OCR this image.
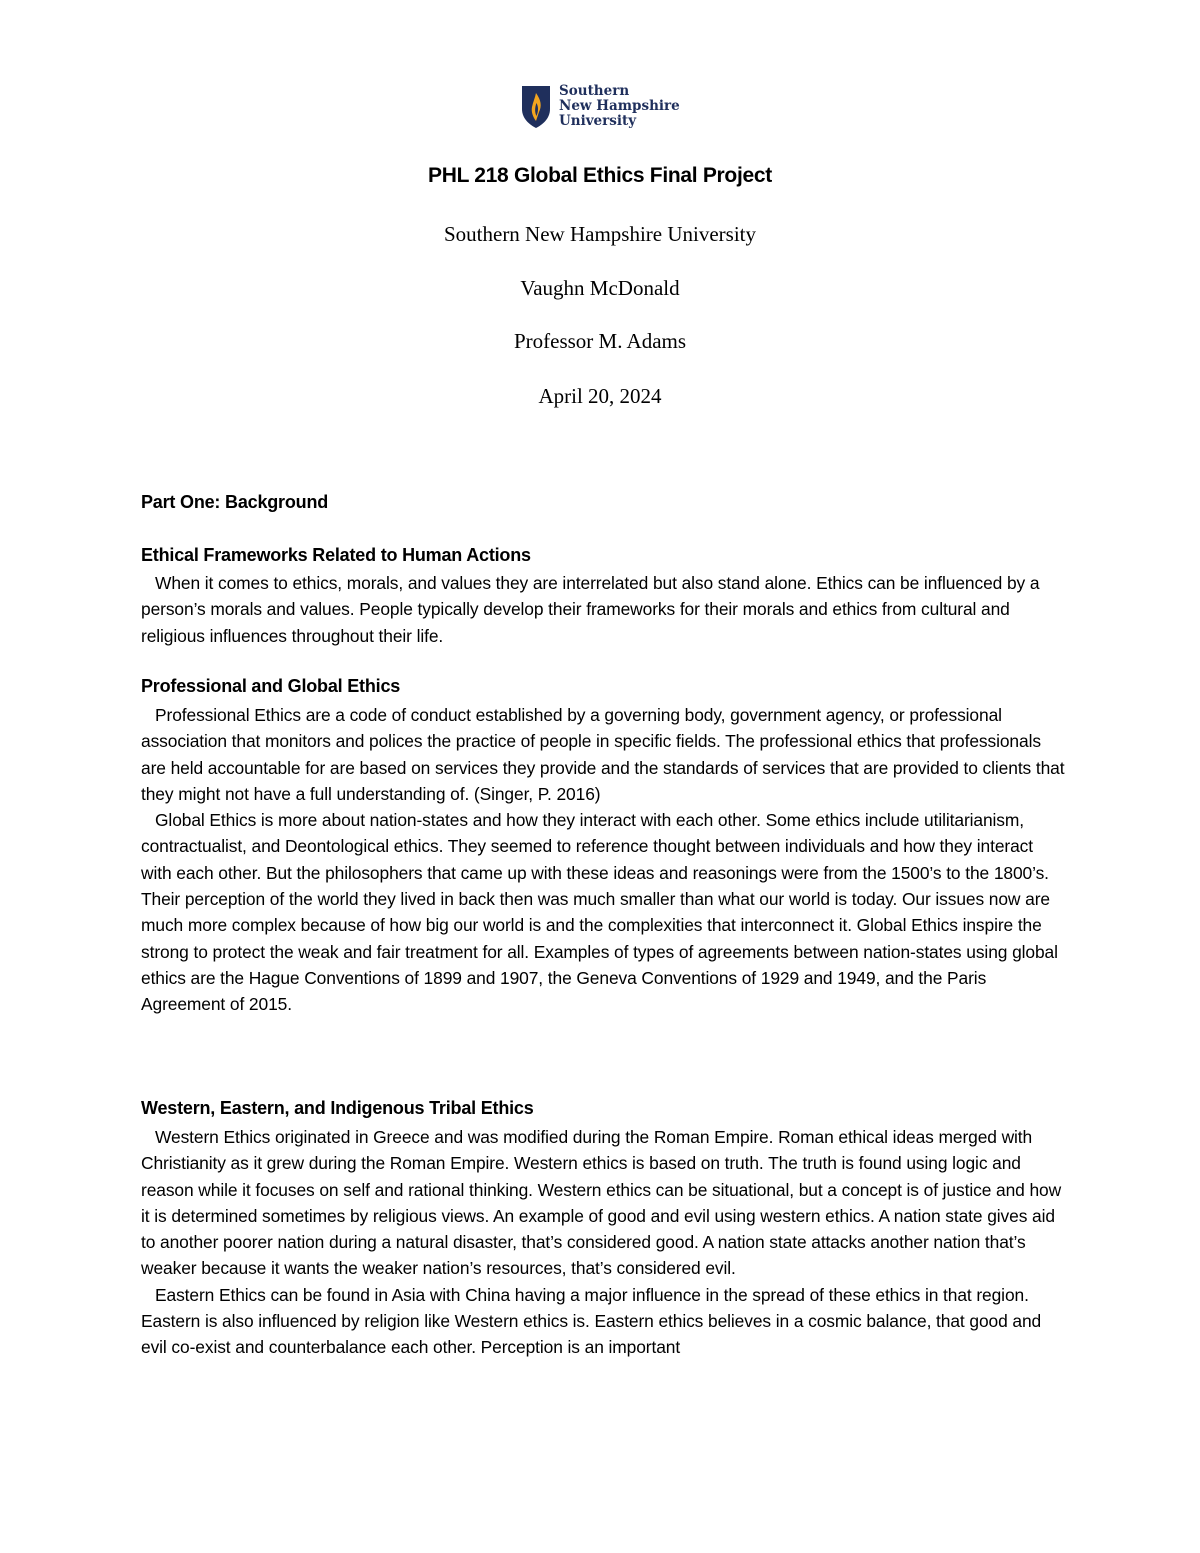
Southern
New Hampshire
University
PHL 218 Global Ethics Final Project
Southern New Hampshire University
Vaughn McDonald
Professor M. Adams
April 20, 2024
Part One: Background
Ethical Frameworks Related to Human Actions

When it comes to ethics, morals, and values they are interrelated but also stand alone. Ethics can be influenced by a person’s morals and values. People typically develop their frameworks for their morals and ethics from cultural and religious influences throughout their life.

Professional and Global Ethics

Professional Ethics are a code of conduct established by a governing body, government agency, or professional association that monitors and polices the practice of people in specific fields. The professional ethics that professionals are held accountable for are based on services they provide and the standards of services that are provided to clients that they might not have a full understanding of. (Singer, P. 2016)

Global Ethics is more about nation-states and how they interact with each other. Some ethics include utilitarianism, contractualist, and Deontological ethics. They seemed to reference thought between individuals and how they interact with each other. But the philosophers that came up with these ideas and reasonings were from the 1500’s to the 1800’s. Their perception of the world they lived in back then was much smaller than what our world is today. Our issues now are much more complex because of how big our world is and the complexities that interconnect it. Global Ethics inspire the strong to protect the weak and fair treatment for all. Examples of types of agreements between nation-states using global ethics are the Hague Conventions of 1899 and 1907, the Geneva Conventions of 1929 and 1949, and the Paris Agreement of 2015.

Western, Eastern, and Indigenous Tribal Ethics

Western Ethics originated in Greece and was modified during the Roman Empire. Roman ethical ideas merged with Christianity as it grew during the Roman Empire. Western ethics is based on truth. The truth is found using logic and reason while it focuses on self and rational thinking. Western ethics can be situational, but a concept is of justice and how it is determined sometimes by religious views. An example of good and evil using western ethics. A nation state gives aid to another poorer nation during a natural disaster, that’s considered good. A nation state attacks another nation that’s weaker because it wants the weaker nation’s resources, that’s considered evil.

Eastern Ethics can be found in Asia with China having a major influence in the spread of these ethics in that region. Eastern is also influenced by religion like Western ethics is. Eastern ethics believes in a cosmic balance, that good and evil co-exist and counterbalance each other. Perception is an important
